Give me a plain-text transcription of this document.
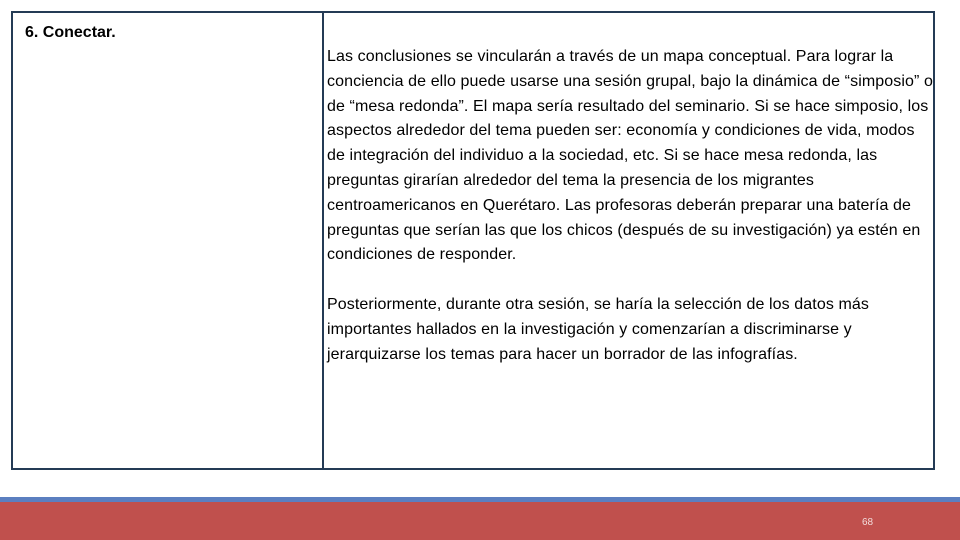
6. Conectar.

Las conclusiones se vincularán a través de un mapa conceptual. Para lograr la conciencia de ello puede usarse una sesión grupal, bajo la dinámica de “simposio” o de “mesa redonda”. El mapa sería resultado del seminario. Si se hace simposio, los aspectos alrededor del tema pueden ser: economía y condiciones de vida, modos de integración del individuo a la sociedad, etc. Si se hace mesa redonda, las preguntas girarían alrededor del tema la presencia de los migrantes centroamericanos en Querétaro. Las profesoras deberán preparar una batería de preguntas que serían las que los chicos (después de su investigación) ya estén en condiciones de responder.

Posteriormente, durante otra sesión, se haría la selección de los datos más importantes hallados en la investigación y comenzarían a discriminarse y jerarquizarse los temas para hacer un borrador de las infografías.

68
